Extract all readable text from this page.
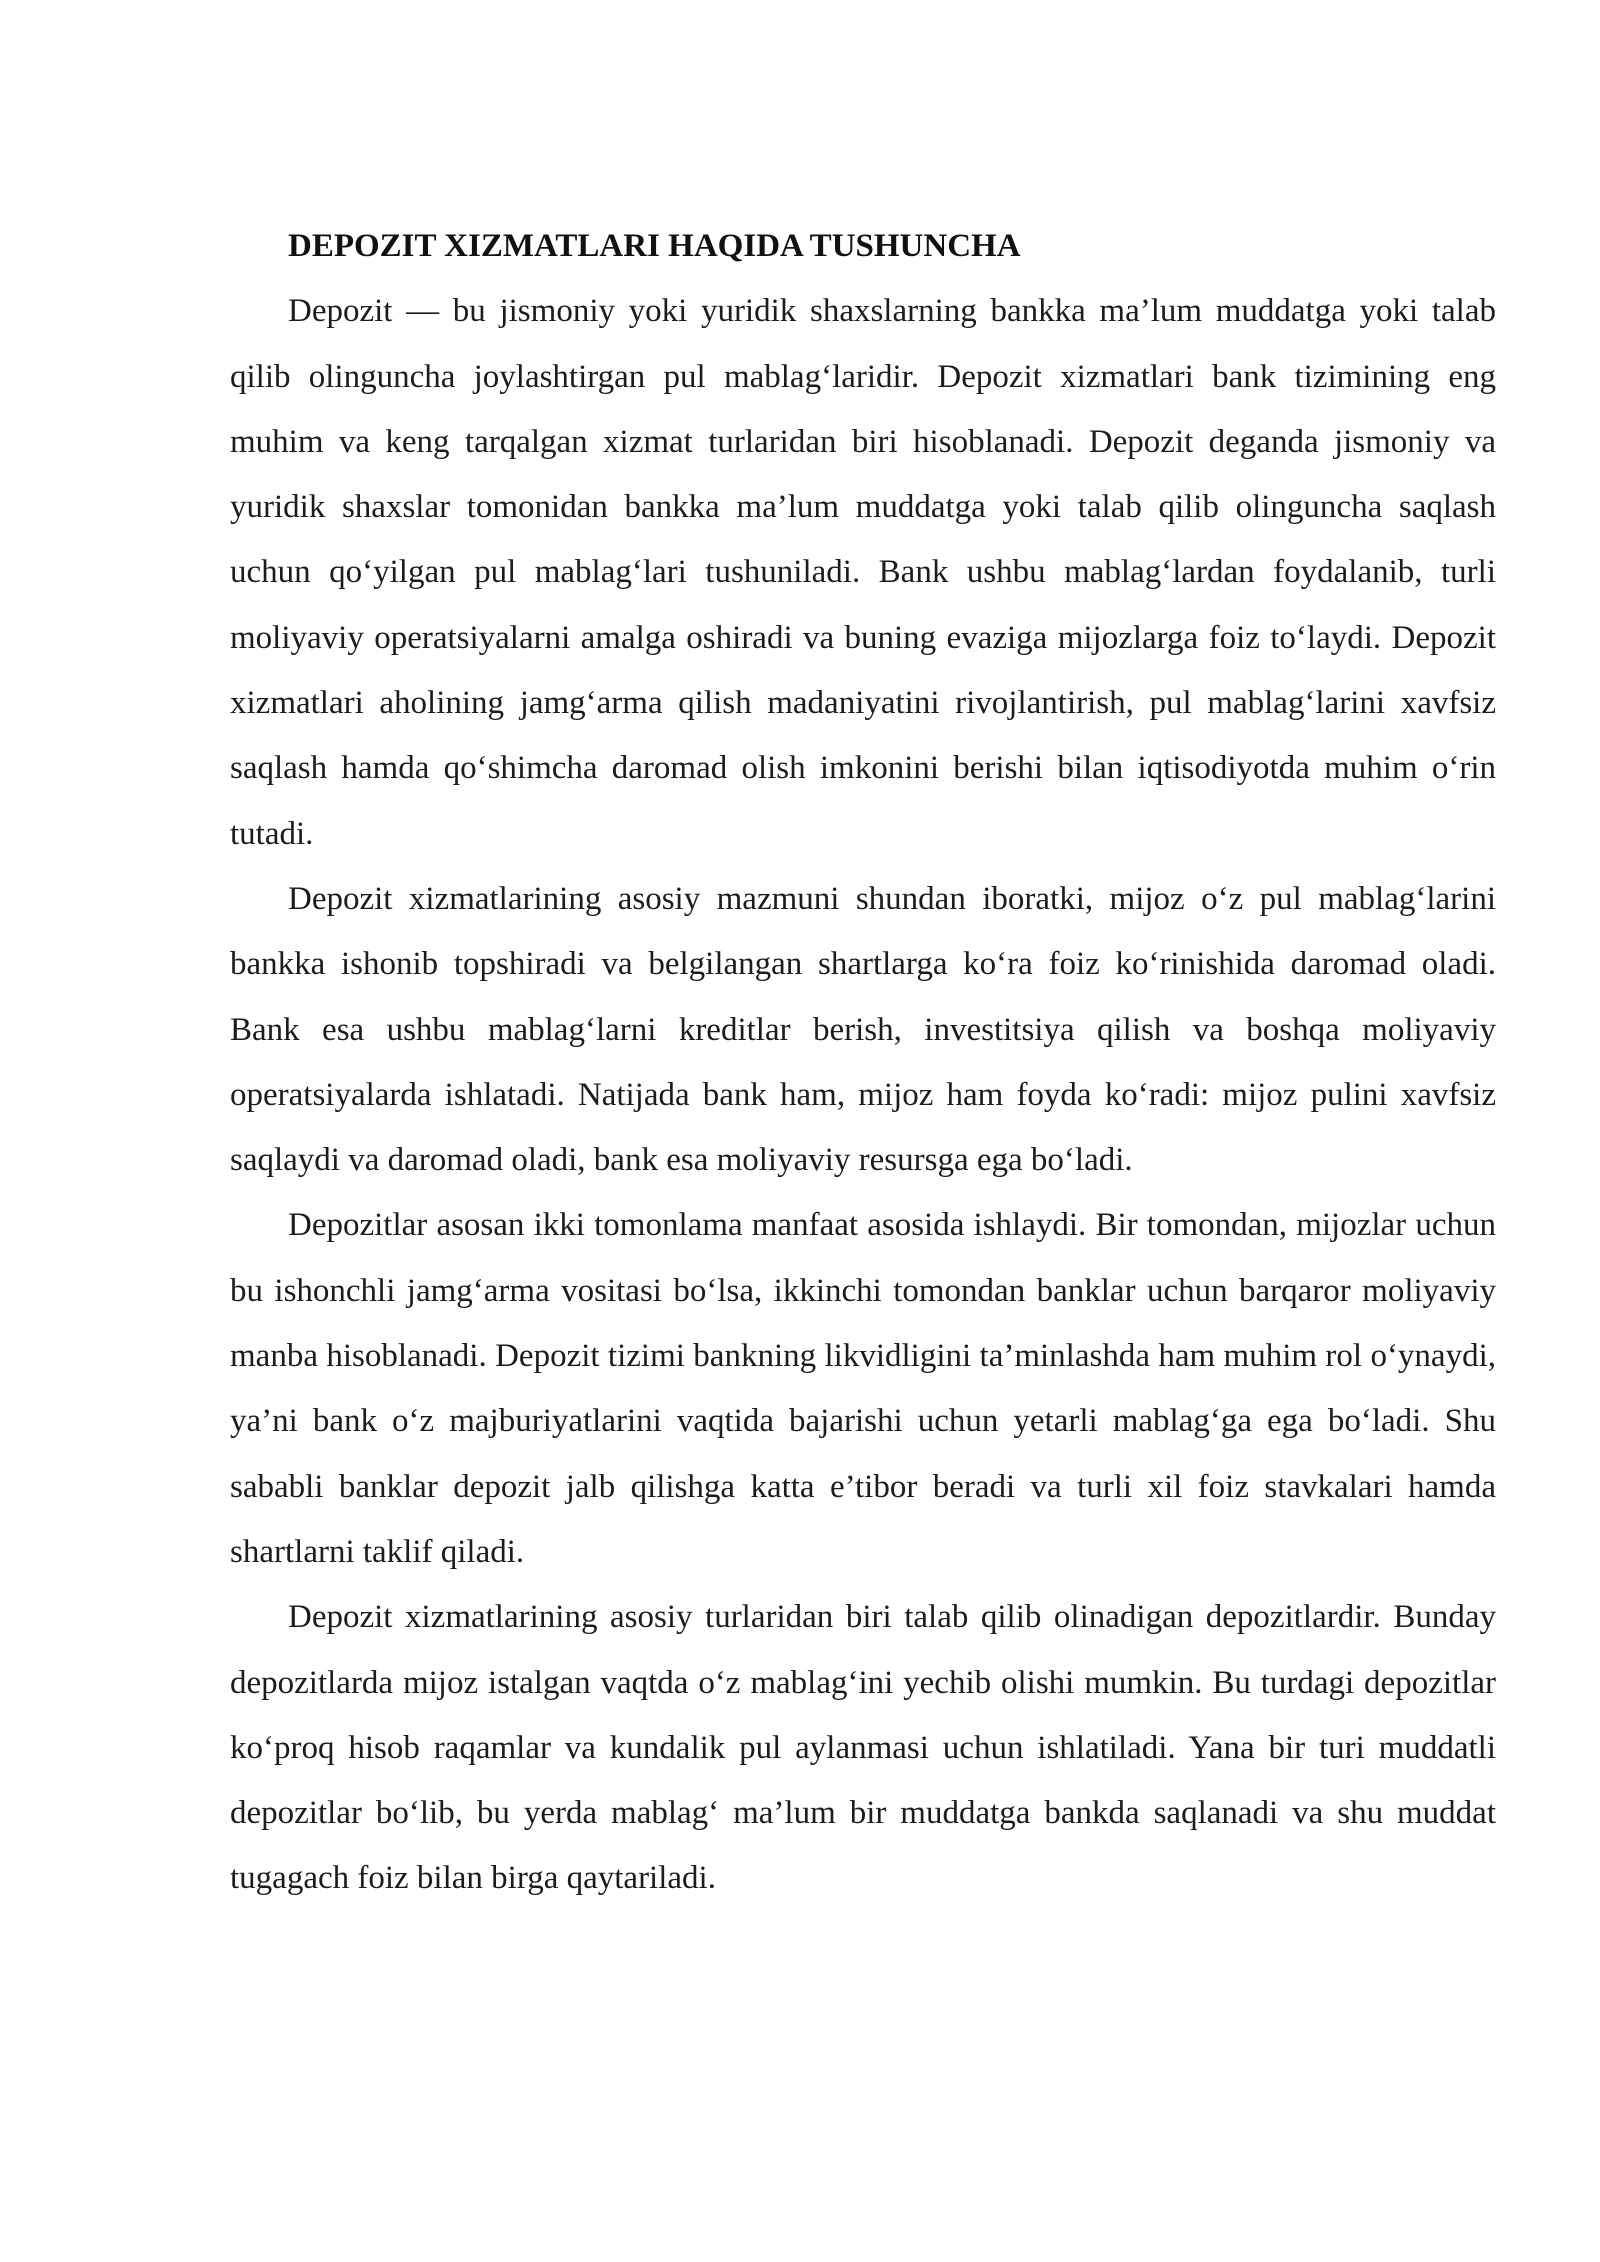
DEPOZIT XIZMATLARI HAQIDA TUSHUNCHA

Depozit — bu jismoniy yoki yuridik shaxslarning bankka ma’lum muddatga yoki talab qilib olinguncha joylashtirgan pul mablag‘laridir. Depozit xizmatlari bank tizimining eng muhim va keng tarqalgan xizmat turlaridan biri hisoblanadi. Depozit deganda jismoniy va yuridik shaxslar tomonidan bankka ma’lum muddatga yoki talab qilib olinguncha saqlash uchun qo‘yilgan pul mablag‘lari tushuniladi. Bank ushbu mablag‘lardan foydalanib, turli moliyaviy operatsiyalarni amalga oshiradi va buning evaziga mijozlarga foiz to‘laydi. Depozit xizmatlari aholining jamg‘arma qilish madaniyatini rivojlantirish, pul mablag‘larini xavfsiz saqlash hamda qo‘shimcha daromad olish imkonini berishi bilan iqtisodiyotda muhim o‘rin tutadi.

Depozit xizmatlarining asosiy mazmuni shundan iboratki, mijoz o‘z pul mablag‘larini bankka ishonib topshiradi va belgilangan shartlarga ko‘ra foiz ko‘rinishida daromad oladi. Bank esa ushbu mablag‘larni kreditlar berish, investitsiya qilish va boshqa moliyaviy operatsiyalarda ishlatadi. Natijada bank ham, mijoz ham foyda ko‘radi: mijoz pulini xavfsiz saqlaydi va daromad oladi, bank esa moliyaviy resursga ega bo‘ladi.

Depozitlar asosan ikki tomonlama manfaat asosida ishlaydi. Bir tomondan, mijozlar uchun bu ishonchli jamg‘arma vositasi bo‘lsa, ikkinchi tomondan banklar uchun barqaror moliyaviy manba hisoblanadi. Depozit tizimi bankning likvidligini ta’minlashda ham muhim rol o‘ynaydi, ya’ni bank o‘z majburiyatlarini vaqtida bajarishi uchun yetarli mablag‘ga ega bo‘ladi. Shu sababli banklar depozit jalb qilishga katta e’tibor beradi va turli xil foiz stavkalari hamda shartlarni taklif qiladi.

Depozit xizmatlarining asosiy turlaridan biri talab qilib olinadigan depozitlardir. Bunday depozitlarda mijoz istalgan vaqtda o‘z mablag‘ini yechib olishi mumkin. Bu turdagi depozitlar ko‘proq hisob raqamlar va kundalik pul aylanmasi uchun ishlatiladi. Yana bir turi muddatli depozitlar bo‘lib, bu yerda mablag‘ ma’lum bir muddatga bankda saqlanadi va shu muddat tugagach foiz bilan birga qaytariladi.
